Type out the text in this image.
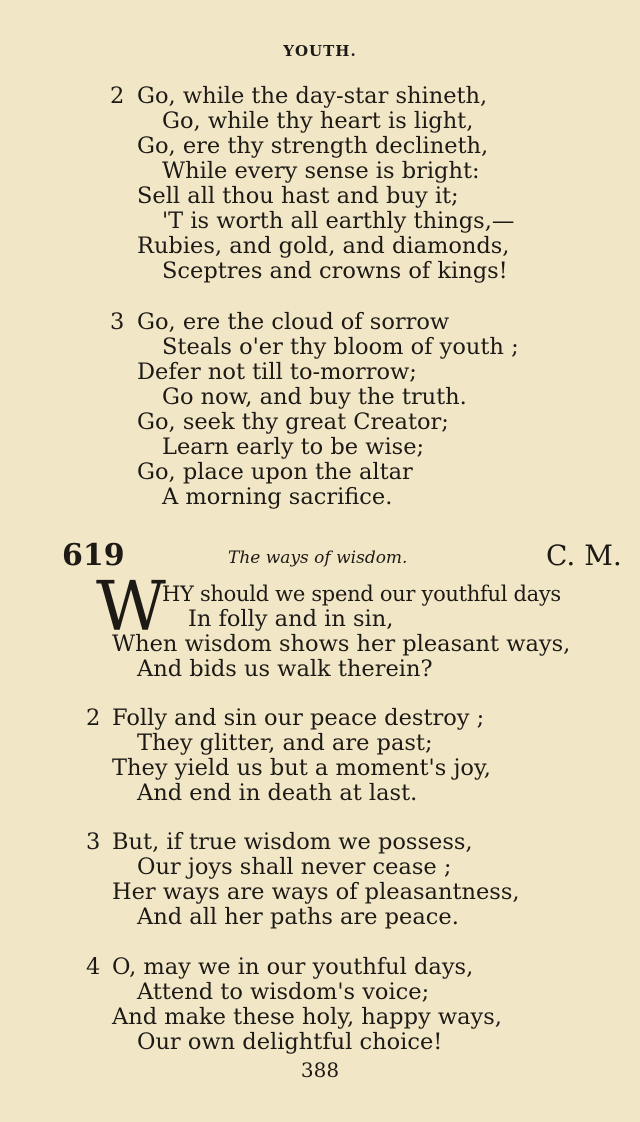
YOUTH.
2 Go, while the day-star shineth,
Go, while thy heart is light,
Go, ere thy strength declineth,
While every sense is bright:
Sell all thou hast and buy it;
'T is worth all earthly things,—
Rubies, and gold, and diamonds,
Sceptres and crowns of kings!
3 Go, ere the cloud of sorrow
Steals o'er thy bloom of youth ;
Defer not till to-morrow;
Go now, and buy the truth.
Go, seek thy great Creator;
Learn early to be wise;
Go, place upon the altar
A morning sacrifice.
619	The ways of wisdom.	C. M.
W
HY should we spend our youthful days
In folly and in sin,
When wisdom shows her pleasant ways,
And bids us walk therein?
2 Folly and sin our peace destroy ;
They glitter, and are past;
They yield us but a moment's joy,
And end in death at last.
3 But, if true wisdom we possess,
Our joys shall never cease ;
Her ways are ways of pleasantness,
And all her paths are peace.
4 O, may we in our youthful days,
Attend to wisdom's voice;
And make these holy, happy ways,
Our own delightful choice!
388
